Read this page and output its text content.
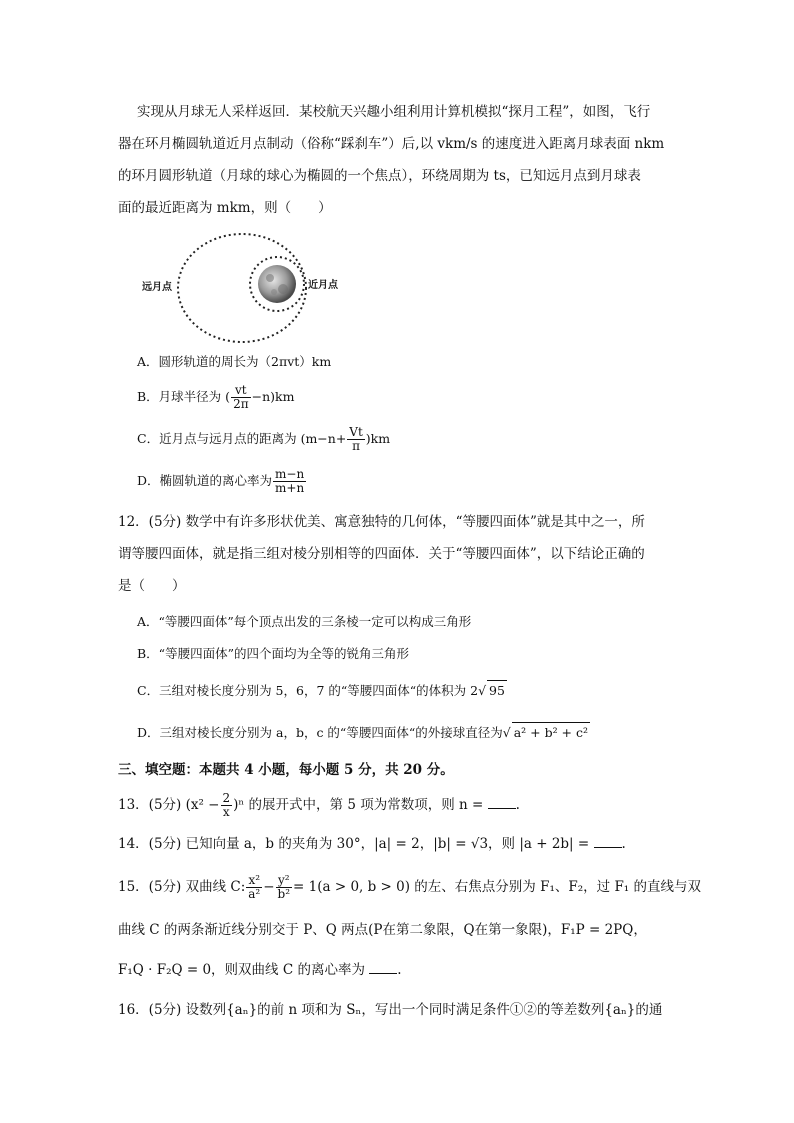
实现从月球无人采样返回．某校航天兴趣小组利用计算机模拟“探月工程”，如图，飞行
器在环月椭圆轨道近月点制动（俗称“踩刹车”）后,以 vkm/s 的速度进入距离月球表面 nkm
的环月圆形轨道（月球的球心为椭圆的一个焦点），环绕周期为 ts，已知远月点到月球表
面的最近距离为 mkm，则（　　）
远月点	近月点
A．圆形轨道的周长为（2πvt）km
B．月球半径为 ( $\frac{vt}{2\pi} -n)km$
C．近月点与远月点的距离为 $(m-n+ \frac{Vt}{\pi} )km$
D．椭圆轨道的离心率为 $\frac{m-n}{m+n}$
12．(5分) 数学中有许多形状优美、寓意独特的几何体，“等腰四面体”就是其中之一，所
谓等腰四面体，就是指三组对棱分别相等的四面体．关于“等腰四面体”，以下结论正确的
是（　　）
A．“等腰四面体”每个顶点出发的三条棱一定可以构成三角形
B．“等腰四面体”的四个面均为全等的锐角三角形
C．三组对棱长度分别为 5，6，7 的“等腰四面体“的体积为 2√ 95
D．三组对棱长度分别为 a，b，c 的“等腰四面体“的外接球直径为√ a² + b² + c²
三、填空题：本题共 4 小题，每小题 5 分，共 20 分。
13．(5分) $(x^2 - \frac{2}{x} )^n$ 的展开式中，第 5 项为常数项，则 n = .
14．(5分) 已知向量 a，b 的夹角为 30°，|a| = 2，|b| = √3，则 |a + 2b| = .
15．(5分) 双曲线 C: $\frac{\text{x²}}{\text{a²}} - \frac{\text{y²}}{\text{b²}} = 1(a > 0$, b > 0) 的左、右焦点分别为 F₁、F₂，过 F₁ 的直线与双
曲线 C 的两条渐近线分别交于 P、Q 两点(P在第二象限，Q在第一象限)，F₁P = 2PQ，
F₁Q · F₂Q = 0，则双曲线 C 的离心率为 .
16．(5分) 设数列{aₙ}的前 n 项和为 Sₙ，写出一个同时满足条件①②的等差数列{aₙ}的通
